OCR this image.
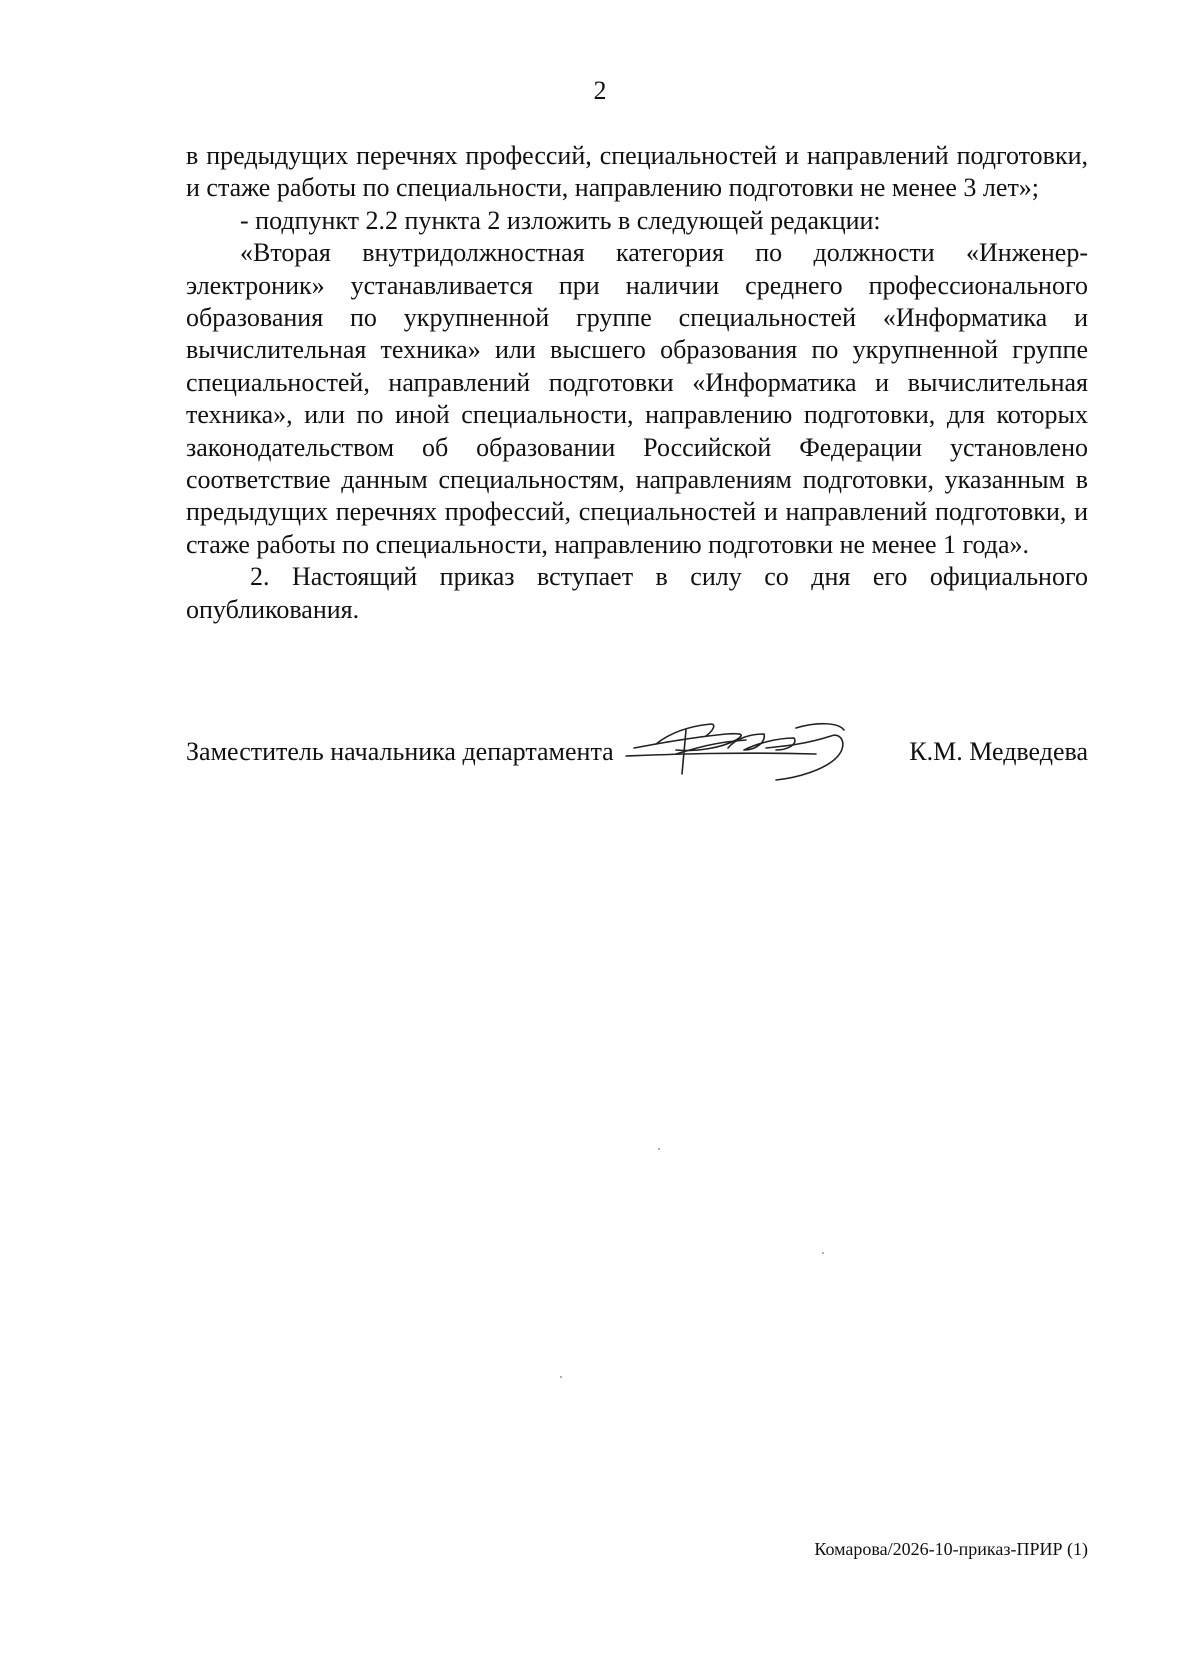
2

в предыдущих перечнях профессий, специальностей и направлений подготовки, и стаже работы по специальности, направлению подготовки не менее 3 лет»;

- подпункт 2.2 пункта 2 изложить в следующей редакции:

«Вторая внутридолжностная категория по должности «Инженер-электроник» устанавливается при наличии среднего профессионального образования по укрупненной группе специальностей «Информатика и вычислительная техника» или высшего образования по укрупненной группе специальностей, направлений подготовки «Информатика и вычислительная техника», или по иной специальности, направлению подготовки, для которых законодательством об образовании Российской Федерации установлено соответствие данным специальностям, направлениям подготовки, указанным в предыдущих перечнях профессий, специальностей и направлений подготовки, и стаже работы по специальности, направлению подготовки не менее 1 года».

2. Настоящий приказ вступает в силу со дня его официального опубликования.

Заместитель начальника департамента	К.М. Медведева
Комарова/2026-10-приказ-ПРИР (1)
